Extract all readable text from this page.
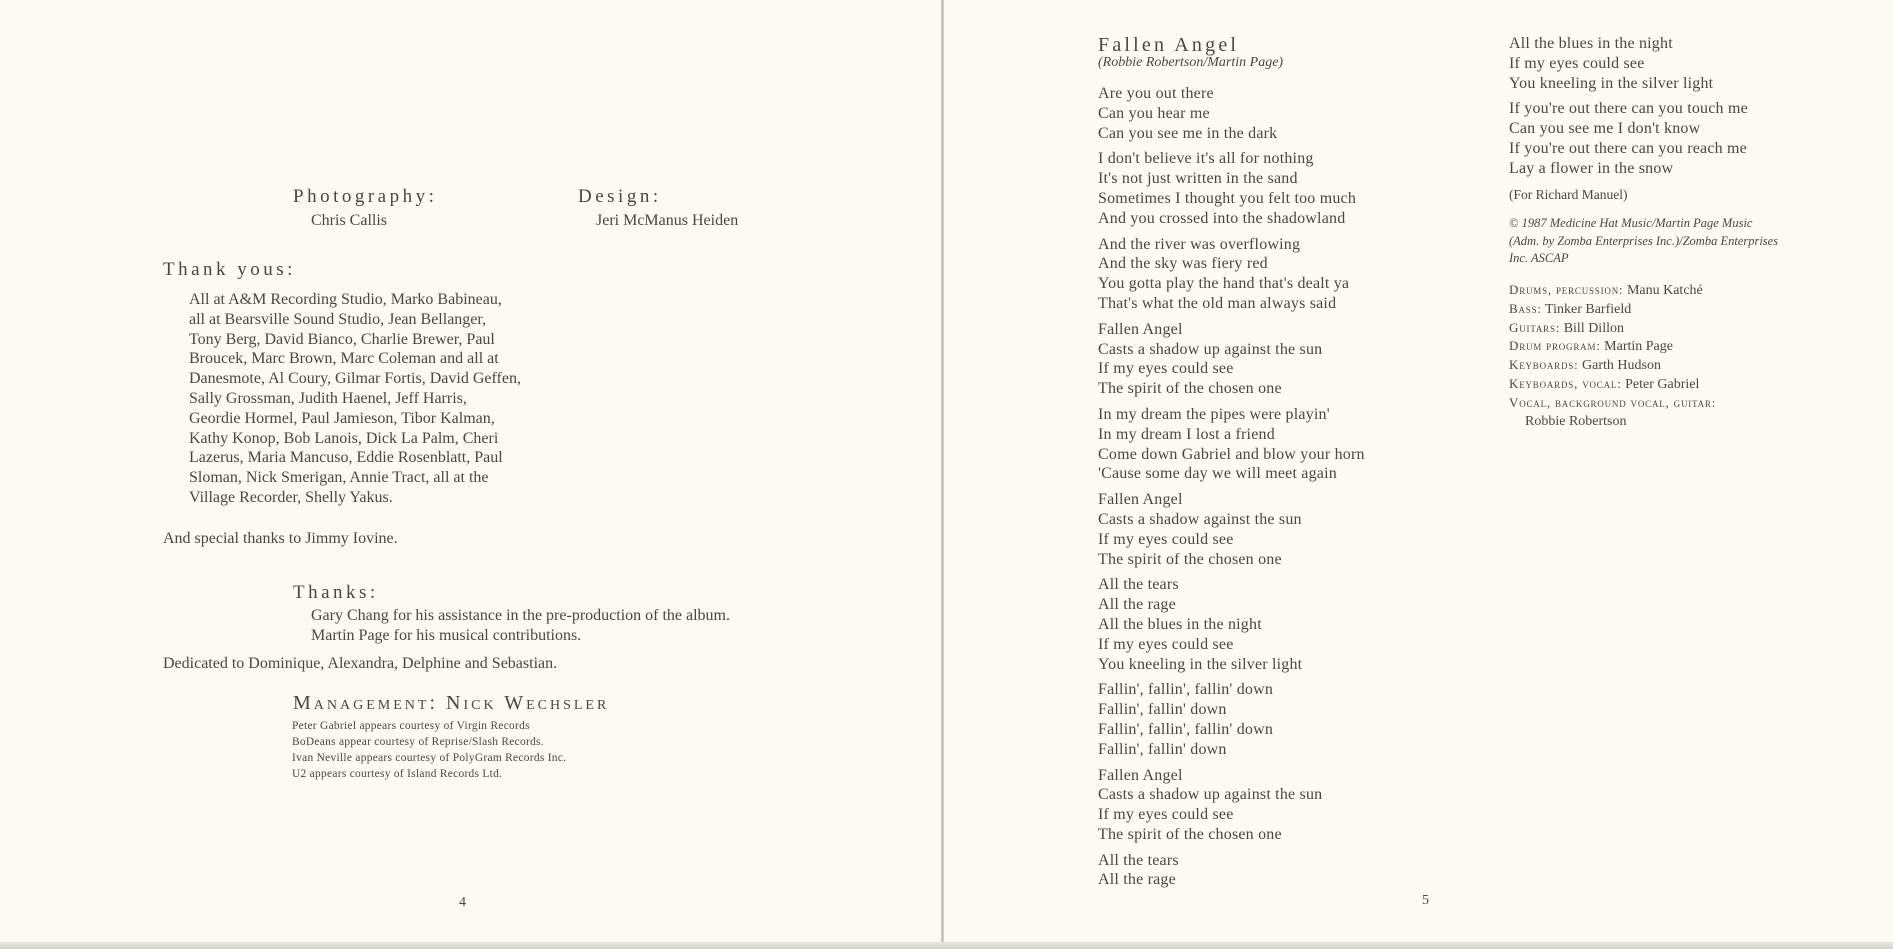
Photography:
Chris Callis
Design:
Jeri McManus Heiden
Thank yous:
All at A&M Recording Studio, Marko Babineau,
all at Bearsville Sound Studio, Jean Bellanger,
Tony Berg, David Bianco, Charlie Brewer, Paul
Broucek, Marc Brown, Marc Coleman and all at
Danesmote, Al Coury, Gilmar Fortis, David Geffen,
Sally Grossman, Judith Haenel, Jeff Harris,
Geordie Hormel, Paul Jamieson, Tibor Kalman,
Kathy Konop, Bob Lanois, Dick La Palm, Cheri
Lazerus, Maria Mancuso, Eddie Rosenblatt, Paul
Sloman, Nick Smerigan, Annie Tract, all at the
Village Recorder, Shelly Yakus.
And special thanks to Jimmy Iovine.
Thanks:
Gary Chang for his assistance in the pre-production of the album.
Martin Page for his musical contributions.
Dedicated to Dominique, Alexandra, Delphine and Sebastian.
Management: Nick Wechsler
Peter Gabriel appears courtesy of Virgin Records
BoDeans appear courtesy of Reprise/Slash Records.
Ivan Neville appears courtesy of PolyGram Records Inc.
U2 appears courtesy of Island Records Ltd.
4
Fallen Angel
(Robbie Robertson/Martin Page)
Are you out there
Can you hear me
Can you see me in the dark
I don't believe it's all for nothing
It's not just written in the sand
Sometimes I thought you felt too much
And you crossed into the shadowland
And the river was overflowing
And the sky was fiery red
You gotta play the hand that's dealt ya
That's what the old man always said
Fallen Angel
Casts a shadow up against the sun
If my eyes could see
The spirit of the chosen one
In my dream the pipes were playin'
In my dream I lost a friend
Come down Gabriel and blow your horn
'Cause some day we will meet again
Fallen Angel
Casts a shadow against the sun
If my eyes could see
The spirit of the chosen one
All the tears
All the rage
All the blues in the night
If my eyes could see
You kneeling in the silver light
Fallin', fallin', fallin' down
Fallin', fallin' down
Fallin', fallin', fallin' down
Fallin', fallin' down
Fallen Angel
Casts a shadow up against the sun
If my eyes could see
The spirit of the chosen one
All the tears
All the rage
All the blues in the night
If my eyes could see
You kneeling in the silver light
If you're out there can you touch me
Can you see me I don't know
If you're out there can you reach me
Lay a flower in the snow
(For Richard Manuel)
© 1987 Medicine Hat Music/Martin Page Music
(Adm. by Zomba Enterprises Inc.)/Zomba Enterprises
Inc. ASCAP
Drums, percussion: Manu Katché
Bass: Tinker Barfield
Guitars: Bill Dillon
Drum program: Martin Page
Keyboards: Garth Hudson
Keyboards, vocal: Peter Gabriel
Vocal, background vocal, guitar:
Robbie Robertson
5
